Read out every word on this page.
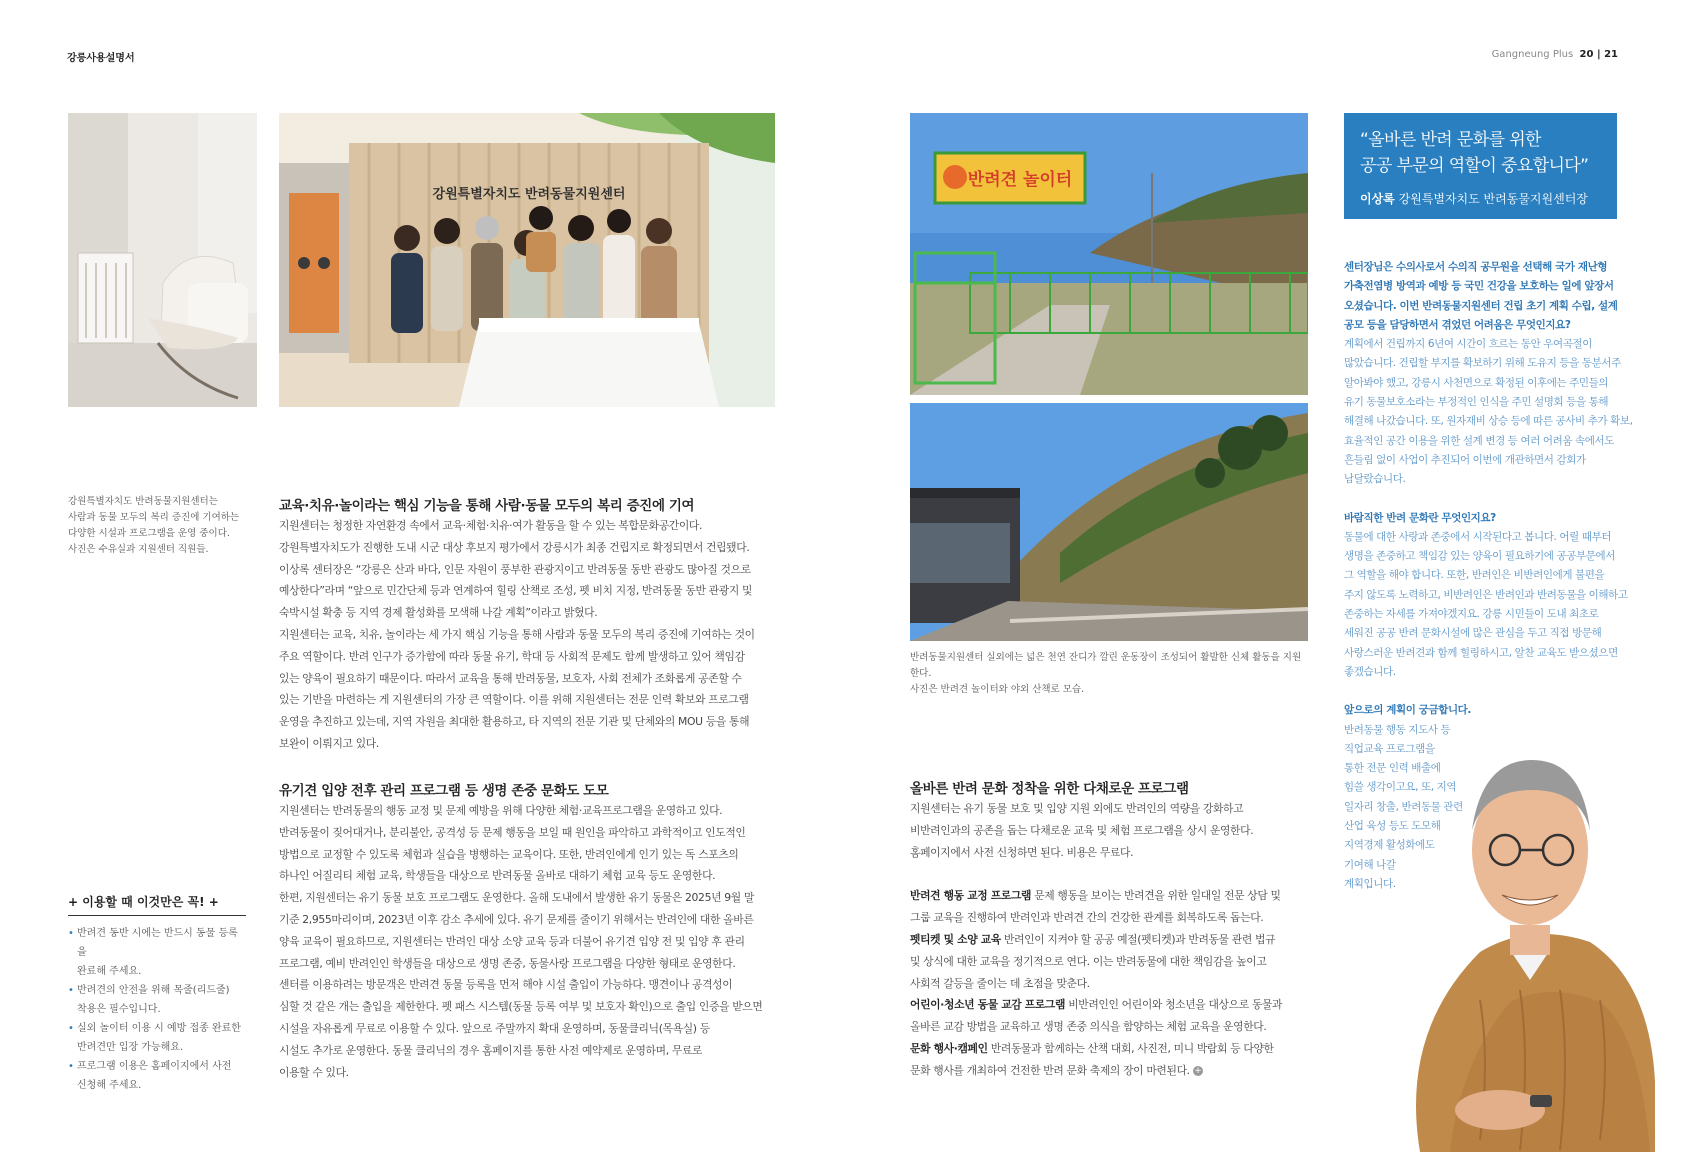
강릉사용설명서	Gangneung Plus 20 | 21
강원특별자치도 반려동물지원센터
강원특별자치도 반려동물지원센터는
사람과 동물 모두의 복리 증진에 기여하는
다양한 시설과 프로그램을 운영 중이다.
사진은 수유실과 지원센터 직원들.
교육·치유·놀이라는 핵심 기능을 통해 사람·동물 모두의 복리 증진에 기여

지원센터는 청정한 자연환경 속에서 교육·체험·치유·여가 활동을 할 수 있는 복합문화공간이다.

강원특별자치도가 진행한 도내 시군 대상 후보지 평가에서 강릉시가 최종 건립지로 확정되면서 건립됐다.

이상록 센터장은 “강릉은 산과 바다, 인문 자원이 풍부한 관광지이고 반려동물 동반 관광도 많아질 것으로

예상한다”라며 “앞으로 민간단체 등과 연계하여 힐링 산책로 조성, 펫 비치 지정, 반려동물 동반 관광지 및

숙박시설 확충 등 지역 경제 활성화를 모색해 나갈 계획”이라고 밝혔다.

지원센터는 교육, 치유, 놀이라는 세 가지 핵심 기능을 통해 사람과 동물 모두의 복리 증진에 기여하는 것이

주요 역할이다. 반려 인구가 증가함에 따라 동물 유기, 학대 등 사회적 문제도 함께 발생하고 있어 책임감

있는 양육이 필요하기 때문이다. 따라서 교육을 통해 반려동물, 보호자, 사회 전체가 조화롭게 공존할 수

있는 기반을 마련하는 게 지원센터의 가장 큰 역할이다. 이를 위해 지원센터는 전문 인력 확보와 프로그램

운영을 추진하고 있는데, 지역 자원을 최대한 활용하고, 타 지역의 전문 기관 및 단체와의 MOU 등을 통해

보완이 이뤄지고 있다.

유기견 입양 전후 관리 프로그램 등 생명 존중 문화도 도모

지원센터는 반려동물의 행동 교정 및 문제 예방을 위해 다양한 체험·교육프로그램을 운영하고 있다.

반려동물이 짖어대거나, 분리불안, 공격성 등 문제 행동을 보일 때 원인을 파악하고 과학적이고 인도적인

방법으로 교정할 수 있도록 체험과 실습을 병행하는 교육이다. 또한, 반려인에게 인기 있는 독 스포츠의

하나인 어질리티 체험 교육, 학생들을 대상으로 반려동물 올바로 대하기 체험 교육 등도 운영한다.

한편, 지원센터는 유기 동물 보호 프로그램도 운영한다. 올해 도내에서 발생한 유기 동물은 2025년 9월 말

기준 2,955마리이며, 2023년 이후 감소 추세에 있다. 유기 문제를 줄이기 위해서는 반려인에 대한 올바른

양육 교육이 필요하므로, 지원센터는 반려인 대상 소양 교육 등과 더불어 유기견 입양 전 및 입양 후 관리

프로그램, 예비 반려인인 학생들을 대상으로 생명 존중, 동물사랑 프로그램을 다양한 형태로 운영한다.

센터를 이용하려는 방문객은 반려견 동물 등록을 먼저 해야 시설 출입이 가능하다. 맹견이나 공격성이

심할 것 같은 개는 출입을 제한한다. 펫 패스 시스템(동물 등록 여부 및 보호자 확인)으로 출입 인증을 받으면

시설을 자유롭게 무료로 이용할 수 있다. 앞으로 주말까지 확대 운영하며, 동물클리닉(목욕실) 등

시설도 추가로 운영한다. 동물 클리닉의 경우 홈페이지를 통한 사전 예약제로 운영하며, 무료로

이용할 수 있다.

+ 이용할 때 이것만은 꼭! +
• 반려견 동반 시에는 반드시 동물 등록을
완료해 주세요.
• 반려견의 안전을 위해 목줄(리드줄)
착용은 필수입니다.
• 실외 놀이터 이용 시 예방 접종 완료한
반려견만 입장 가능해요.
• 프로그램 이용은 홈페이지에서 사전
신청해 주세요.
반려견 놀이터
반려동물지원센터 실외에는 넓은 천연 잔디가 깔린 운동장이 조성되어 활발한 신체 활동을 지원한다.
사진은 반려견 놀이터와 야외 산책로 모습.
올바른 반려 문화 정착을 위한 다채로운 프로그램

지원센터는 유기 동물 보호 및 입양 지원 외에도 반려인의 역량을 강화하고

비반려인과의 공존을 돕는 다채로운 교육 및 체험 프로그램을 상시 운영한다.

홈페이지에서 사전 신청하면 된다. 비용은 무료다.

반려견 행동 교정 프로그램 문제 행동을 보이는 반려견을 위한 일대일 전문 상담 및

그룹 교육을 진행하여 반려인과 반려견 간의 건강한 관계를 회복하도록 돕는다.

펫티켓 및 소양 교육 반려인이 지켜야 할 공공 예절(펫티켓)과 반려동물 관련 법규

및 상식에 대한 교육을 정기적으로 연다. 이는 반려동물에 대한 책임감을 높이고

사회적 갈등을 줄이는 데 초점을 맞춘다.

어린이·청소년 동물 교감 프로그램 비반려인인 어린이와 청소년을 대상으로 동물과

올바른 교감 방법을 교육하고 생명 존중 의식을 함양하는 체험 교육을 운영한다.

문화 행사·캠페인 반려동물과 함께하는 산책 대회, 사진전, 미니 박람회 등 다양한

문화 행사를 개최하여 건전한 반려 문화 축제의 장이 마련된다. +

“올바른 반려 문화를 위한
공공 부문의 역할이 중요합니다”
이상록 강원특별자치도 반려동물지원센터장

센터장님은 수의사로서 수의직 공무원을 선택해 국가 재난형

가축전염병 방역과 예방 등 국민 건강을 보호하는 일에 앞장서

오셨습니다. 이번 반려동물지원센터 건립 초기 계획 수립, 설계

공모 등을 담당하면서 겪었던 어려움은 무엇인지요?

계획에서 건립까지 6년여 시간이 흐르는 동안 우여곡절이

많았습니다. 건립할 부지를 확보하기 위해 도유지 등을 동분서주

알아봐야 했고, 강릉시 사천면으로 확정된 이후에는 주민들의

유기 동물보호소라는 부정적인 인식을 주민 설명회 등을 통해

해결해 나갔습니다. 또, 원자재비 상승 등에 따른 공사비 추가 확보,

효율적인 공간 이용을 위한 설계 변경 등 여러 어려움 속에서도

흔들림 없이 사업이 추진되어 이번에 개관하면서 감회가

남달랐습니다.

바람직한 반려 문화란 무엇인지요?

동물에 대한 사랑과 존중에서 시작된다고 봅니다. 어릴 때부터

생명을 존중하고 책임감 있는 양육이 필요하기에 공공부문에서

그 역할을 해야 합니다. 또한, 반려인은 비반려인에게 불편을

주지 않도록 노력하고, 비반려인은 반려인과 반려동물을 이해하고

존중하는 자세를 가져야겠지요. 강릉 시민들이 도내 최초로

세워진 공공 반려 문화시설에 많은 관심을 두고 직접 방문해

사랑스러운 반려견과 함께 힐링하시고, 알찬 교육도 받으셨으면

좋겠습니다.

앞으로의 계획이 궁금합니다.

반려동물 행동 지도사 등

직업교육 프로그램을

통한 전문 인력 배출에

힘쓸 생각이고요, 또, 지역

일자리 창출, 반려동물 관련

산업 육성 등도 도모해

지역경제 활성화에도

기여해 나갈

계획입니다.
